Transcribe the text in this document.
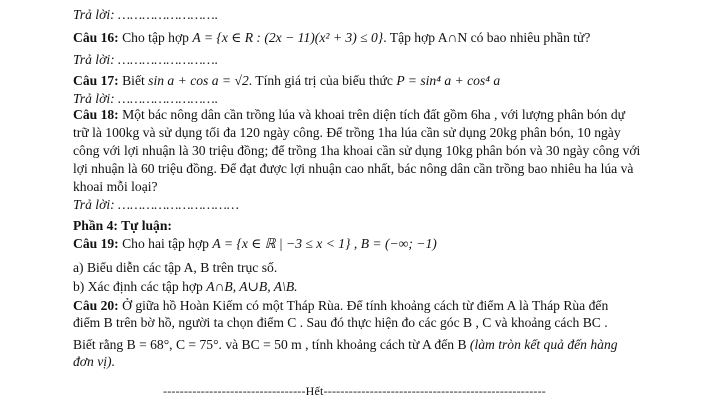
Trả lời: …………………….
Câu 16: Cho tập hợp A = {x ∈ R : (2x − 11)(x² + 3) ≤ 0}. Tập hợp A∩N có bao nhiêu phần tử?
Trả lời: …………………….
Câu 17: Biết sin a + cos a = √2. Tính giá trị của biểu thức P = sin⁴ a + cos⁴ a
Trả lời: …………………….
Câu 18: Một bác nông dân cần trồng lúa và khoai trên diện tích đất gồm 6ha , với lượng phân bón dự
trữ là 100kg và sử dụng tối đa 120 ngày công. Để trồng 1ha lúa cần sử dụng 20kg phân bón, 10 ngày
công với lợi nhuận là 30 triệu đồng; để trồng 1ha khoai cần sử dụng 10kg phân bón và 30 ngày công với
lợi nhuận là 60 triệu đồng. Để đạt được lợi nhuận cao nhất, bác nông dân cần trồng bao nhiêu ha lúa và
khoai mỗi loại?
Trả lời: …………………………
Phần 4: Tự luận:
Câu 19: Cho hai tập hợp A = {x ∈ ℝ | −3 ≤ x < 1} , B = (−∞; −1)
a) Biểu diễn các tập A, B trên trục số.
b) Xác định các tập hợp A∩B, A∪B, A\B.
Câu 20: Ở giữa hồ Hoàn Kiếm có một Tháp Rùa. Để tính khoảng cách từ điểm A là Tháp Rùa đến
điểm B trên bờ hồ, người ta chọn điểm C . Sau đó thực hiện đo các góc B , C và khoảng cách BC .
Biết rằng B = 68°, C = 75°. và BC = 50 m , tính khoảng cách từ A đến B (làm tròn kết quả đến hàng
đơn vị).
----------------------------------Hết-----------------------------------------------------
